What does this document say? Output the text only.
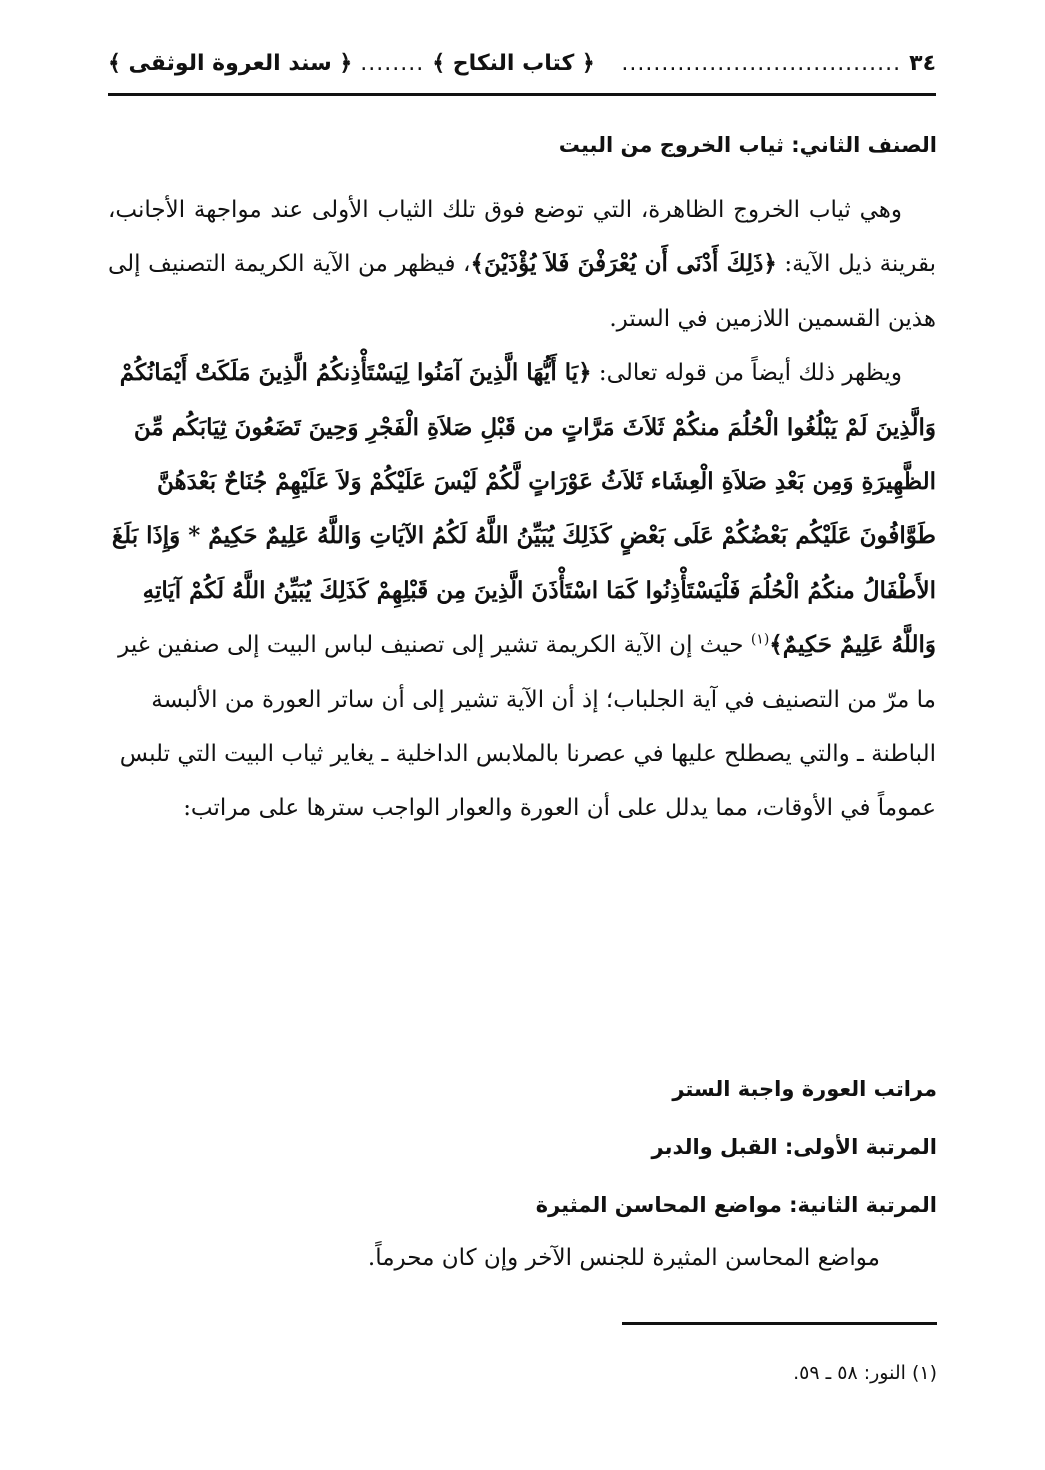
٣٤
...................................
﴿ كتاب النكاح ﴾
........
﴿ سند العروة الوثقى ﴾
الصنف الثاني: ثياب الخروج من البيت
وهي ثياب الخروج الظاهرة، التي توضع فوق تلك الثياب الأولى عند مواجهة الأجانب، بقرينة ذيل الآية: ﴿ذَلِكَ أَدْنَى أَن يُعْرَفْنَ فَلاَ يُؤْذَيْنَ﴾، فيظهر من الآية الكريمة التصنيف إلى هذين القسمين اللازمين في الستر.
ويظهر ذلك أيضاً من قوله تعالى: ﴿يَا أَيُّهَا الَّذِينَ آمَنُوا لِيَسْتَأْذِنكُمُ الَّذِينَ مَلَكَتْ أَيْمَانُكُمْ وَالَّذِينَ لَمْ يَبْلُغُوا الْحُلُمَ منكُمْ ثَلاَثَ مَرَّاتٍ من قَبْلِ صَلاَةِ الْفَجْرِ وَحِينَ تَضَعُونَ ثِيَابَكُم مِّنَ الظَّهِيرَةِ وَمِن بَعْدِ صَلاَةِ الْعِشَاء ثَلاَثُ عَوْرَاتٍ لَّكُمْ لَيْسَ عَلَيْكُمْ وَلاَ عَلَيْهِمْ جُنَاحٌ بَعْدَهُنَّ طَوَّافُونَ عَلَيْكُم بَعْضُكُمْ عَلَى بَعْضٍ كَذَلِكَ يُبَيِّنُ اللَّهُ لَكُمُ الآيَاتِ وَاللَّهُ عَلِيمٌ حَكِيمٌ * وَإِذَا بَلَغَ الأَطْفَالُ منكُمُ الْحُلُمَ فَلْيَسْتَأْذِنُوا كَمَا اسْتَأْذَنَ الَّذِينَ مِن قَبْلِهِمْ كَذَلِكَ يُبَيِّنُ اللَّهُ لَكُمْ آيَاتِهِ وَاللَّهُ عَلِيمٌ حَكِيمٌ﴾$^{(١)}$ حيث إن الآية الكريمة تشير إلى تصنيف لباس البيت إلى صنفين غير ما مرّ من التصنيف في آية الجلباب؛ إذ أن الآية تشير إلى أن ساتر العورة من الألبسة الباطنة ـ والتي يصطلح عليها في عصرنا بالملابس الداخلية ـ يغاير ثياب البيت التي تلبس عموماً في الأوقات، مما يدلل على أن العورة والعوار الواجب سترها على مراتب:
مراتب العورة واجبة الستر
المرتبة الأولى: القبل والدبر
المرتبة الثانية: مواضع المحاسن المثيرة
مواضع المحاسن المثيرة للجنس الآخر وإن كان محرماً.
(١) النور: ٥٨ ـ ٥٩.
